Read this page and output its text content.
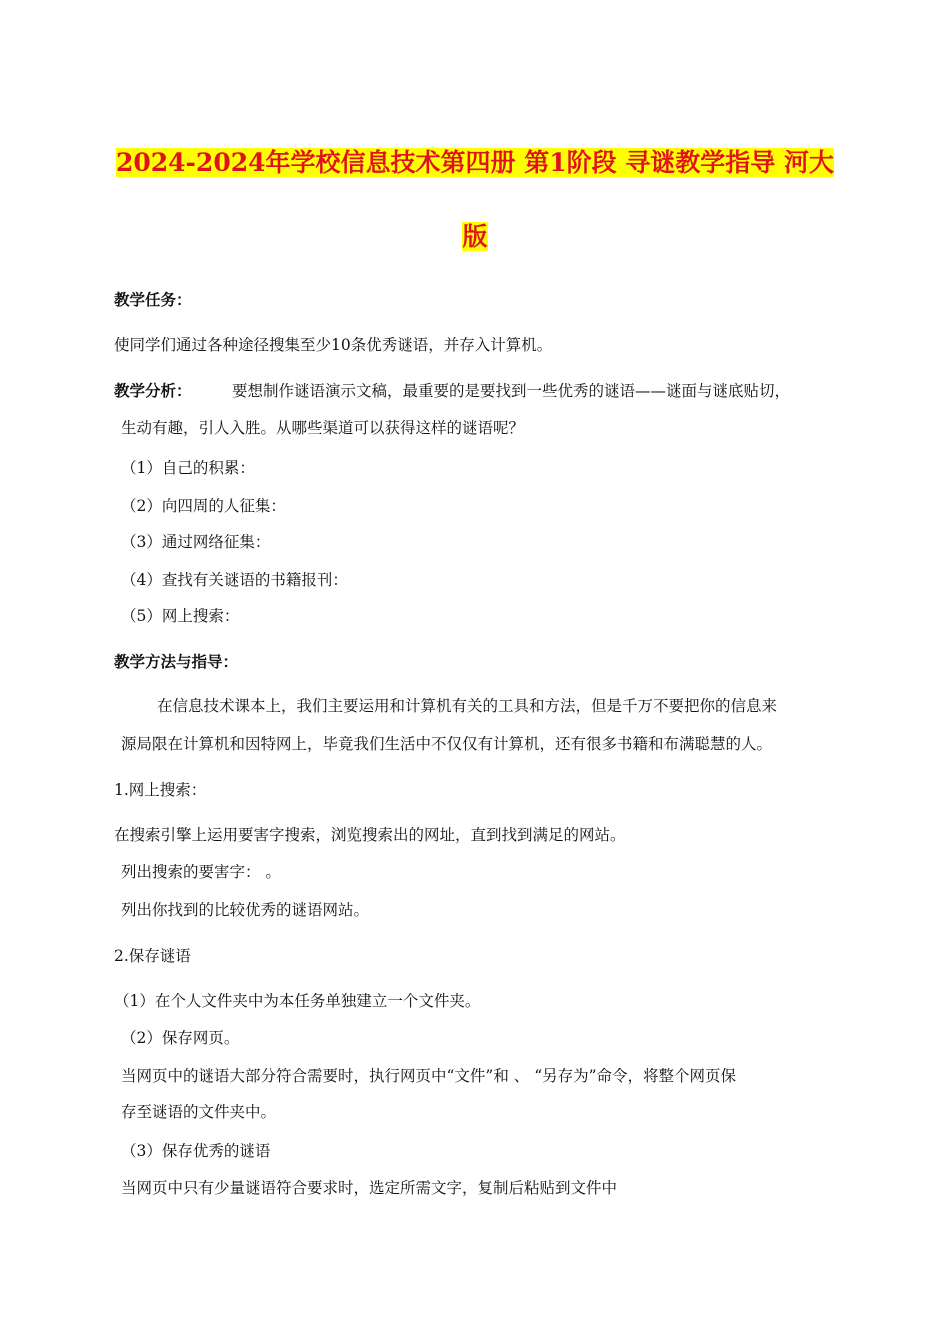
2024-2024年学校信息技术第四册 第1阶段 寻谜教学指导 河大
版
教学任务：
使同学们通过各种途径搜集至少10条优秀谜语，并存入计算机。
教学分析：	要想制作谜语演示文稿，最重要的是要找到一些优秀的谜语——谜面与谜底贴切，
生动有趣，引人入胜。从哪些渠道可以获得这样的谜语呢？
（1）自己的积累：
（2）向四周的人征集：
（3）通过网络征集：
（4）查找有关谜语的书籍报刊：
（5）网上搜索：
教学方法与指导：
在信息技术课本上，我们主要运用和计算机有关的工具和方法，但是千万不要把你的信息来
源局限在计算机和因特网上，毕竟我们生活中不仅仅有计算机，还有很多书籍和布满聪慧的人。
1.网上搜索：
在搜索引擎上运用要害字搜索，浏览搜索出的网址，直到找到满足的网站。
列出搜索的要害字： 。
列出你找到的比较优秀的谜语网站。
2.保存谜语
（1）在个人文件夹中为本任务单独建立一个文件夹。
（2）保存网页。
当网页中的谜语大部分符合需要时，执行网页中“文件”和 、 “另存为”命令，将整个网页保
存至谜语的文件夹中。
（3）保存优秀的谜语
当网页中只有少量谜语符合要求时，选定所需文字，复制后粘贴到文件中
